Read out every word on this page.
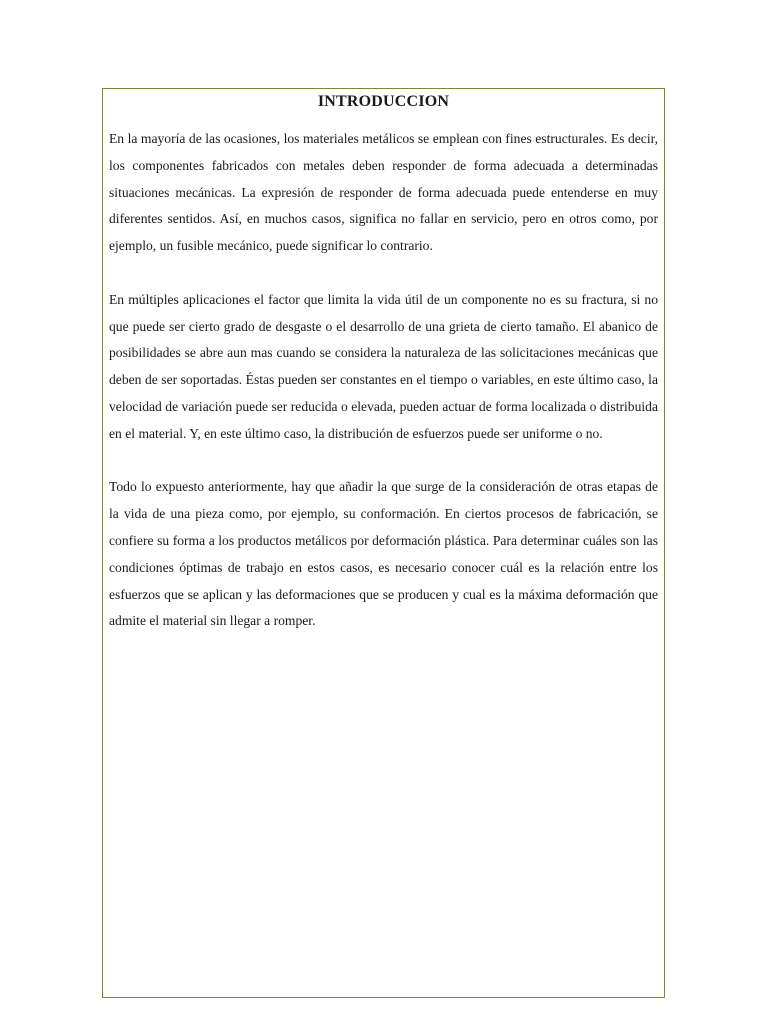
INTRODUCCION

En la mayoría de las ocasiones, los materiales metálicos se emplean con fines estructurales. Es decir, los componentes fabricados con metales deben responder de forma adecuada a determinadas situaciones mecánicas. La expresión de responder de forma adecuada puede entenderse en muy diferentes sentidos. Así, en muchos casos, significa no fallar en servicio, pero en otros como, por ejemplo, un fusible mecánico, puede significar lo contrario.

En múltiples aplicaciones el factor que limita la vida útil de un componente no es su fractura, si no que puede ser cierto grado de desgaste o el desarrollo de una grieta de cierto tamaño. El abanico de posibilidades se abre aun mas cuando se considera la naturaleza de las solicitaciones mecánicas que deben de ser soportadas. Éstas pueden ser constantes en el tiempo o variables, en este último caso, la velocidad de variación puede ser reducida o elevada, pueden actuar de forma localizada o distribuida en el material. Y, en este último caso, la distribución de esfuerzos puede ser uniforme o no.

Todo lo expuesto anteriormente, hay que añadir la que surge de la consideración de otras etapas de la vida de una pieza como, por ejemplo, su conformación. En ciertos procesos de fabricación, se confiere su forma a los productos metálicos por deformación plástica. Para determinar cuáles son las condiciones óptimas de trabajo en estos casos, es necesario conocer cuál es la relación entre los esfuerzos que se aplican y las deformaciones que se producen y cual es la máxima deformación que admite el material sin llegar a romper.
